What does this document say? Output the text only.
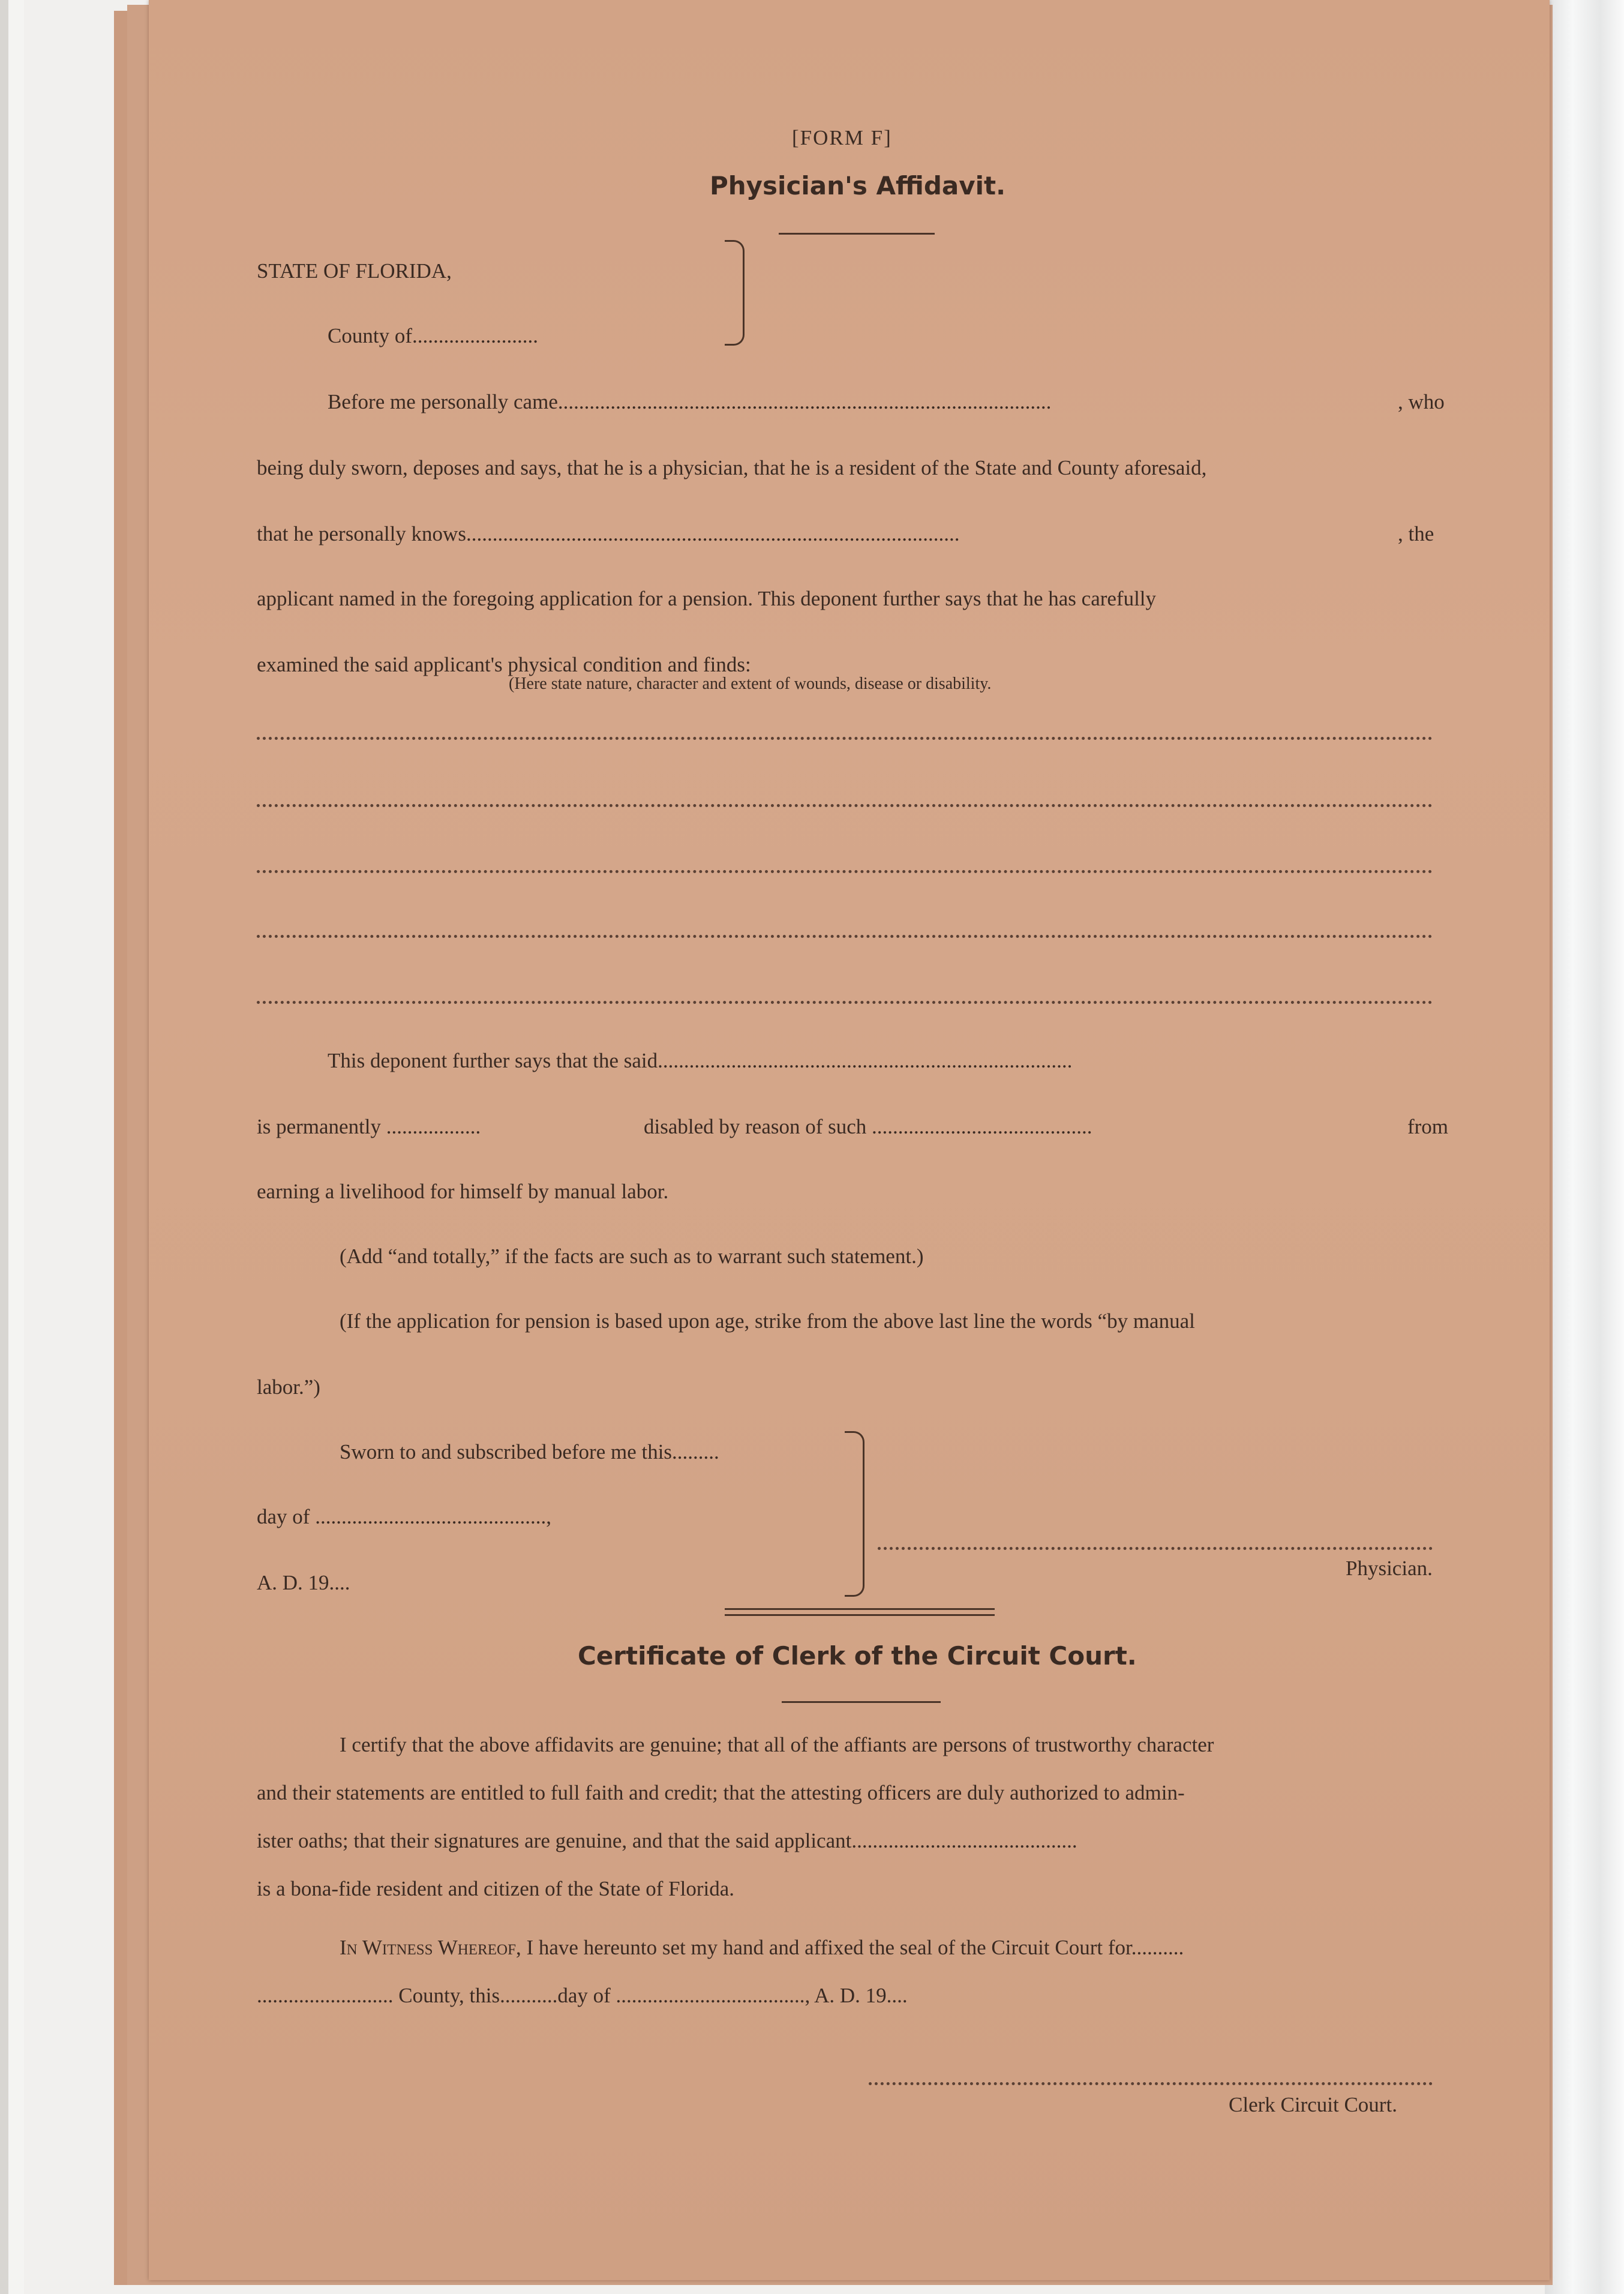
[FORM F]
Physician's Affidavit.
STATE OF FLORIDA,
County of........................
Before me personally came..............................................................................................	, who
being duly sworn, deposes and says, that he is a physician, that he is a resident of the State and County aforesaid,
that he personally knows..............................................................................................	, the
applicant named in the foregoing application for a pension. This deponent further says that he has carefully
examined the said applicant's physical condition and finds:
(Here state nature, character and extent of wounds, disease or disability.
This deponent further says that the said...............................................................................
is permanently ..................	disabled by reason of such ..........................................	from
earning a livelihood for himself by manual labor.
(Add “and totally,” if the facts are such as to warrant such statement.)
(If the application for pension is based upon age, strike from the above last line the words “by manual
labor.”)
Sworn to and subscribed before me this.........
day of ............................................,
A. D. 19....
Physician.
Certificate of Clerk of the Circuit Court.
I certify that the above affidavits are genuine; that all of the affiants are persons of trustworthy character
and their statements are entitled to full faith and credit; that the attesting officers are duly authorized to admin-
ister oaths; that their signatures are genuine, and that the said applicant...........................................
is a bona-fide resident and citizen of the State of Florida.
In Witness Whereof, I have hereunto set my hand and affixed the seal of the Circuit Court for..........
.......................... County, this...........day of ...................................., A. D. 19....
Clerk Circuit Court.
